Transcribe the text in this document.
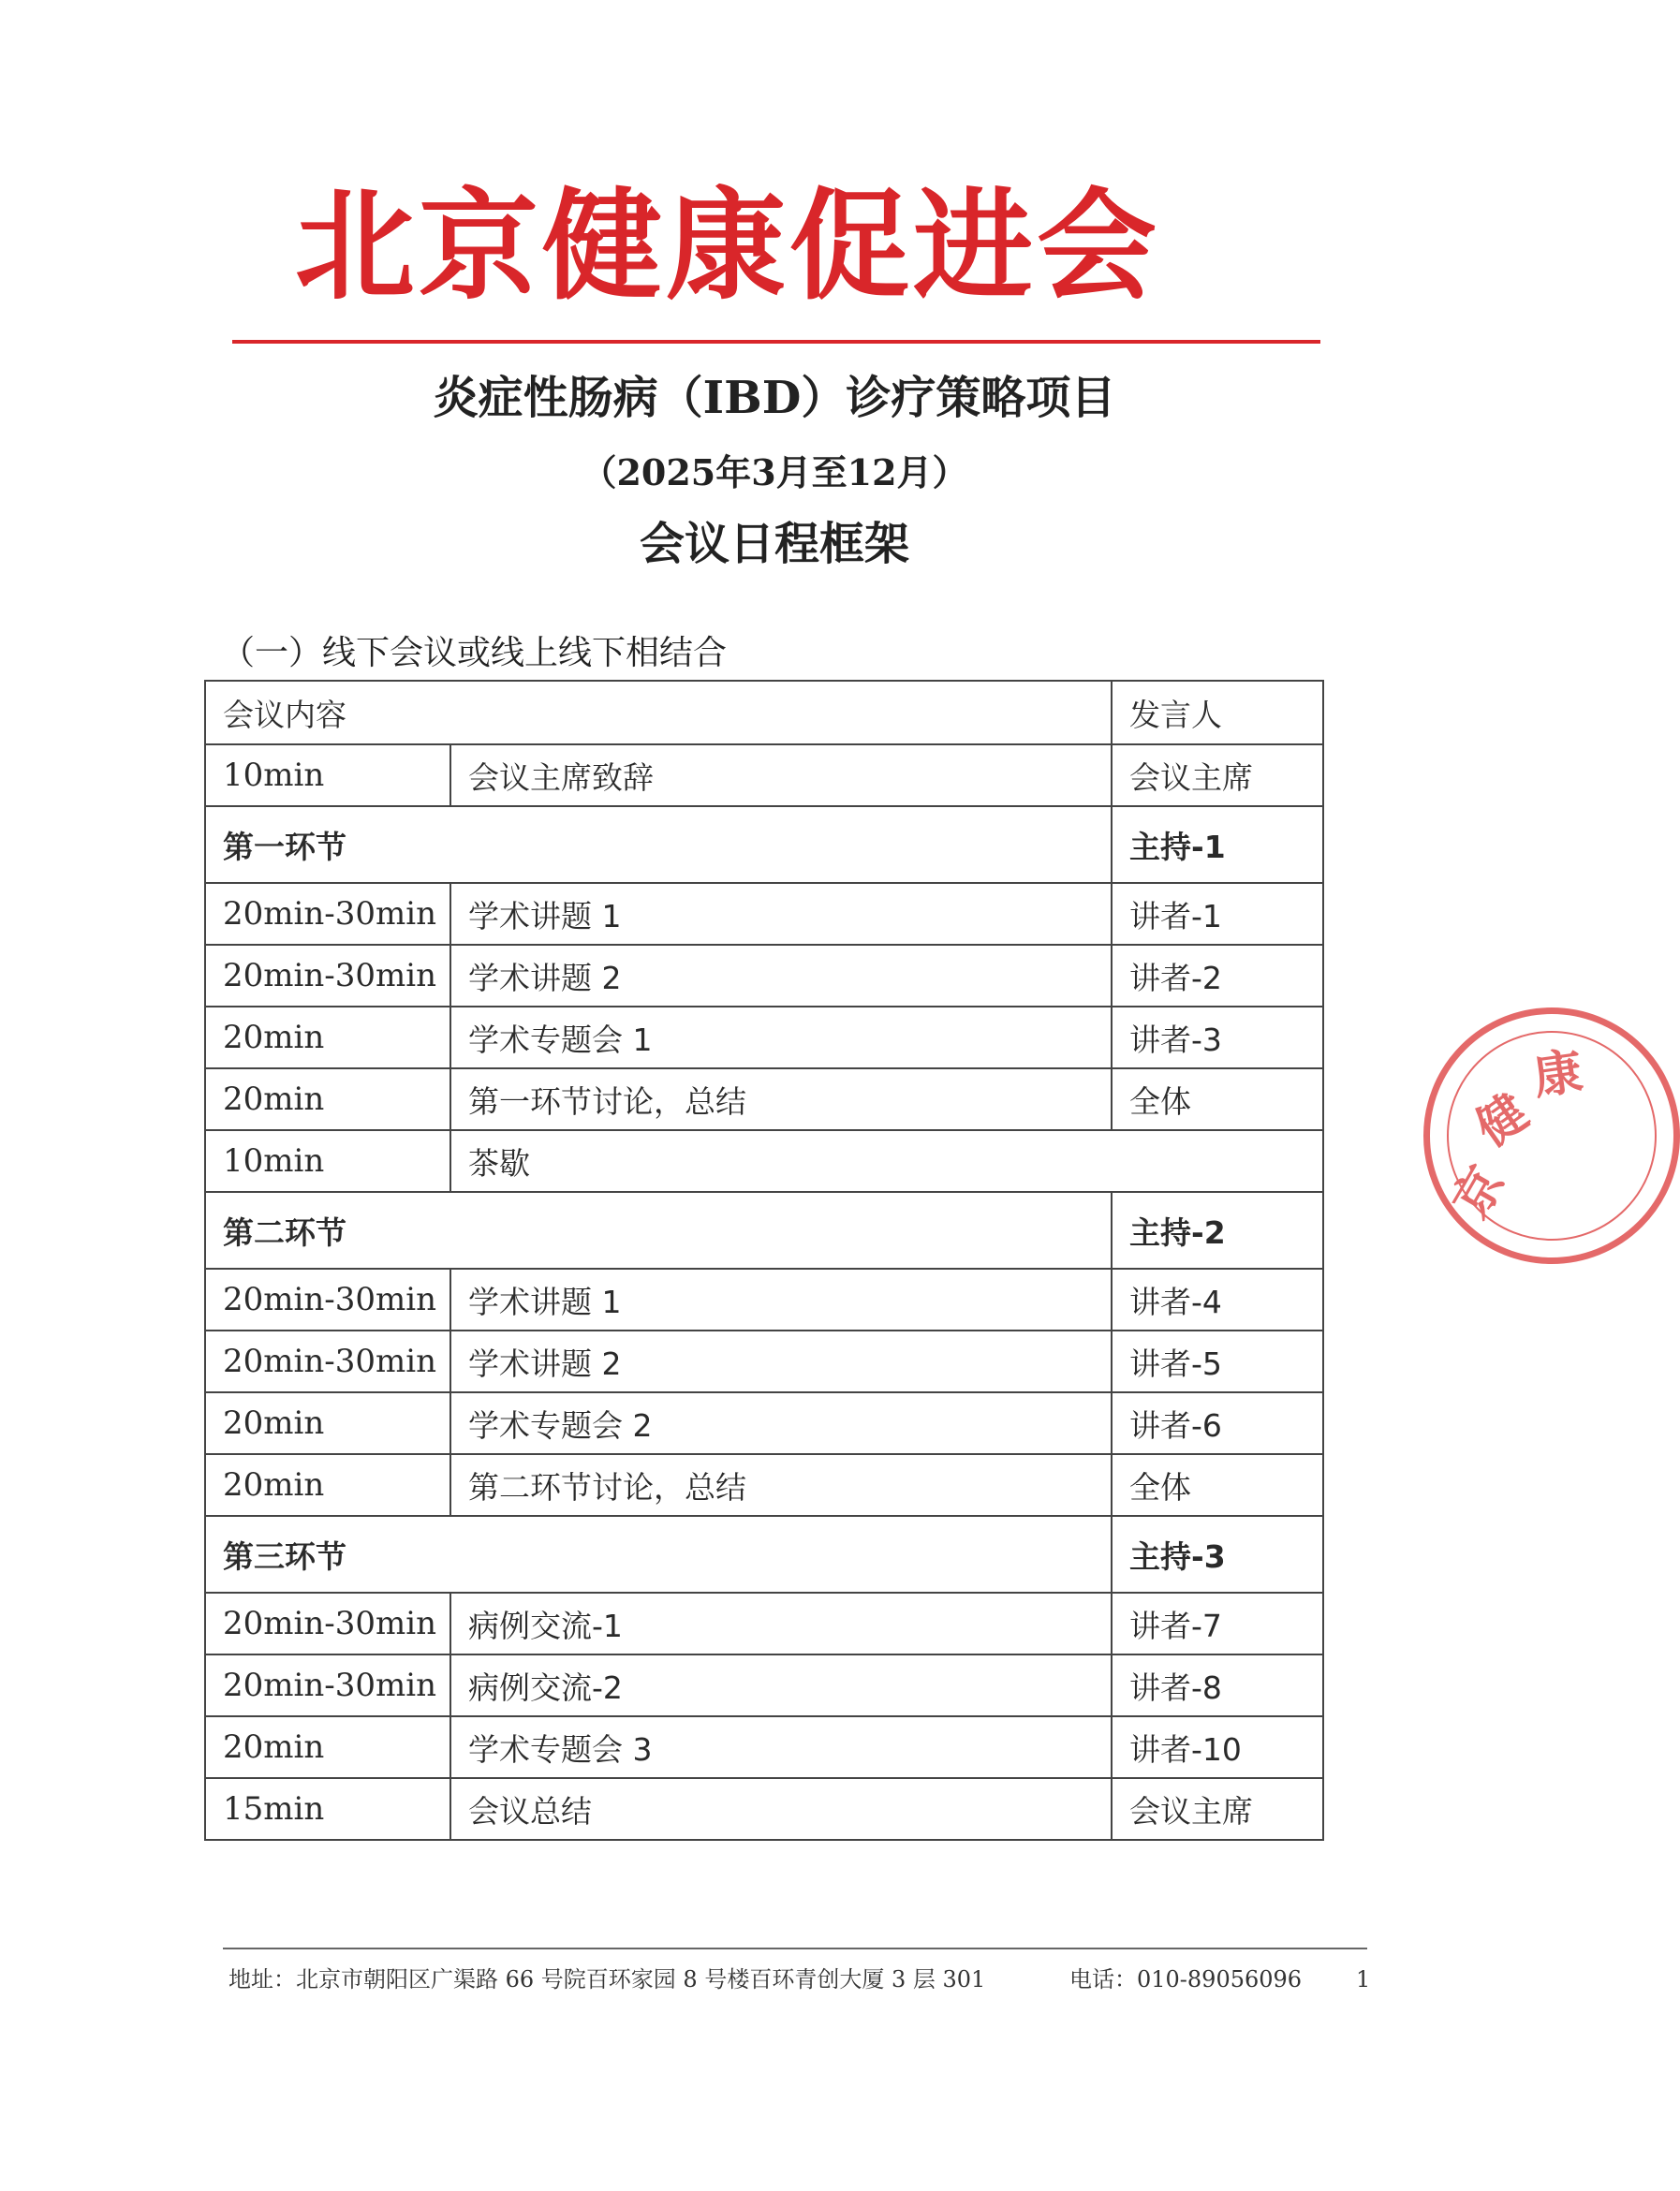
北京健康促进会
炎症性肠病（IBD）诊疗策略项目
（2025年3月至12月）
会议日程框架
（一）线下会议或线上线下相结合
会议内容		发言人
10min	会议主席致辞	会议主席
第一环节		主持-1
20min-30min	学术讲题 1	讲者-1
20min-30min	学术讲题 2	讲者-2
20min	学术专题会 1	讲者-3
20min	第一环节讨论，总结	全体
10min	茶歇	
第二环节		主持-2
20min-30min	学术讲题 1	讲者-4
20min-30min	学术讲题 2	讲者-5
20min	学术专题会 2	讲者-6
20min	第二环节讨论，总结	全体
第三环节		主持-3
20min-30min	病例交流-1	讲者-7
20min-30min	病例交流-2	讲者-8
20min	学术专题会 3	讲者-10
15min	会议总结	会议主席
京
健
康
地址：北京市朝阳区广渠路 66 号院百环家园 8 号楼百环青创大厦 3 层 301	电话：010-89056096 1
